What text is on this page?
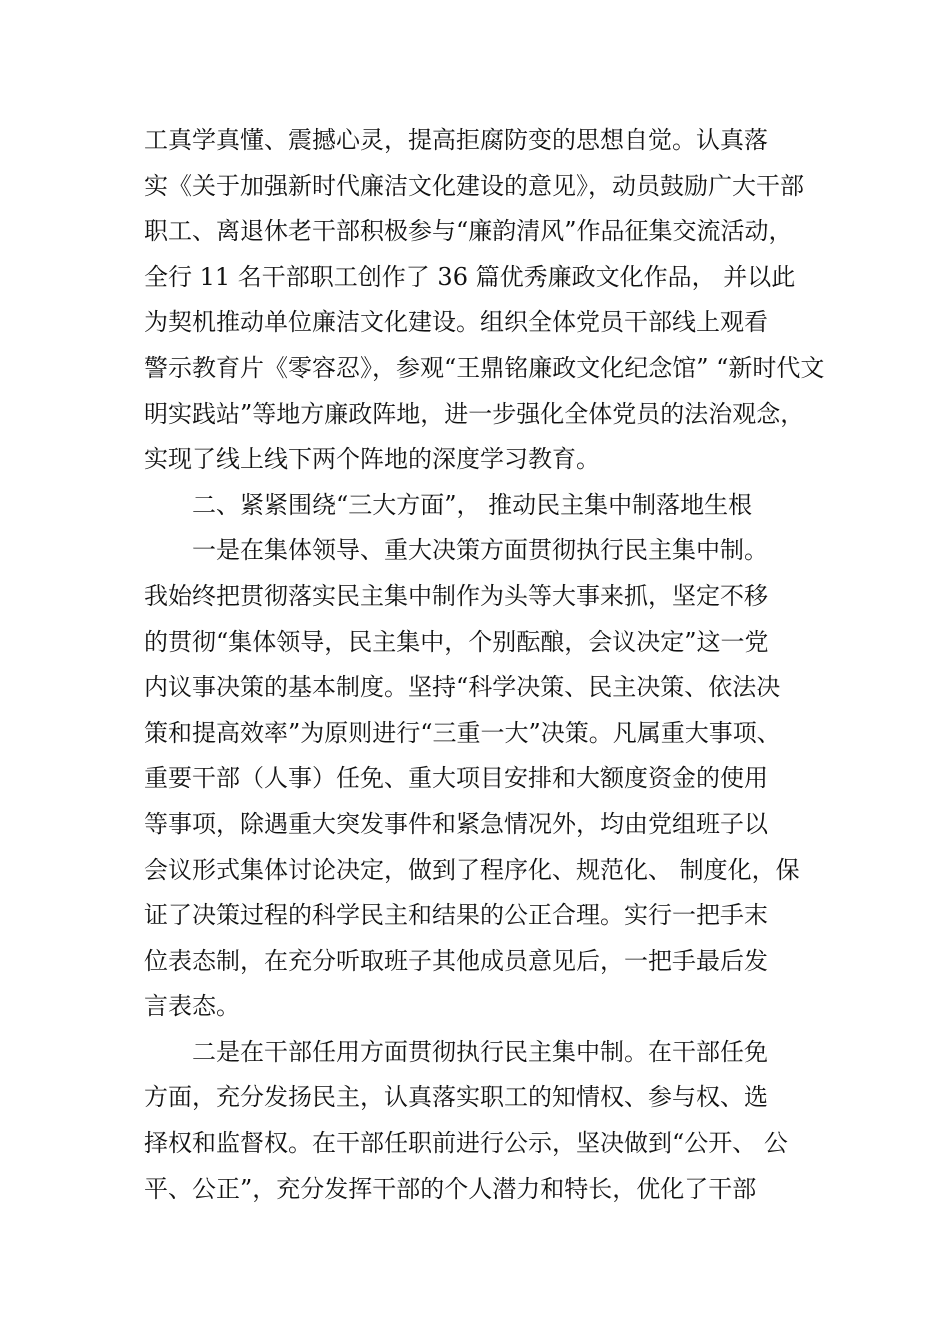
工真学真懂、震撼心灵，提高拒腐防变的思想自觉。认真落
实《关于加强新时代廉洁文化建设的意见》，动员鼓励广大干部
职工、离退休老干部积极参与“廉韵清风”作品征集交流活动，
全行 11 名干部职工创作了 36 篇优秀廉政文化作品， 并以此
为契机推动单位廉洁文化建设。组织全体党员干部线上观看
警示教育片《零容忍》，参观“王鼎铭廉政文化纪念馆” “新时代文
明实践站”等地方廉政阵地，进一步强化全体党员的法治观念，
实现了线上线下两个阵地的深度学习教育。
二、紧紧围绕“三大方面”， 推动民主集中制落地生根
一是在集体领导、重大决策方面贯彻执行民主集中制。
我始终把贯彻落实民主集中制作为头等大事来抓，坚定不移
的贯彻“集体领导，民主集中，个别酝酿，会议决定”这一党
内议事决策的基本制度。坚持“科学决策、民主决策、依法决
策和提高效率”为原则进行“三重一大”决策。凡属重大事项、
重要干部（人事）任免、重大项目安排和大额度资金的使用
等事项，除遇重大突发事件和紧急情况外，均由党组班子以
会议形式集体讨论决定，做到了程序化、规范化、 制度化，保
证了决策过程的科学民主和结果的公正合理。实行一把手末
位表态制，在充分听取班子其他成员意见后，一把手最后发
言表态。
二是在干部任用方面贯彻执行民主集中制。在干部任免
方面，充分发扬民主，认真落实职工的知情权、参与权、选
择权和监督权。在干部任职前进行公示，坚决做到“公开、 公
平、公正”，充分发挥干部的个人潜力和特长，优化了干部
